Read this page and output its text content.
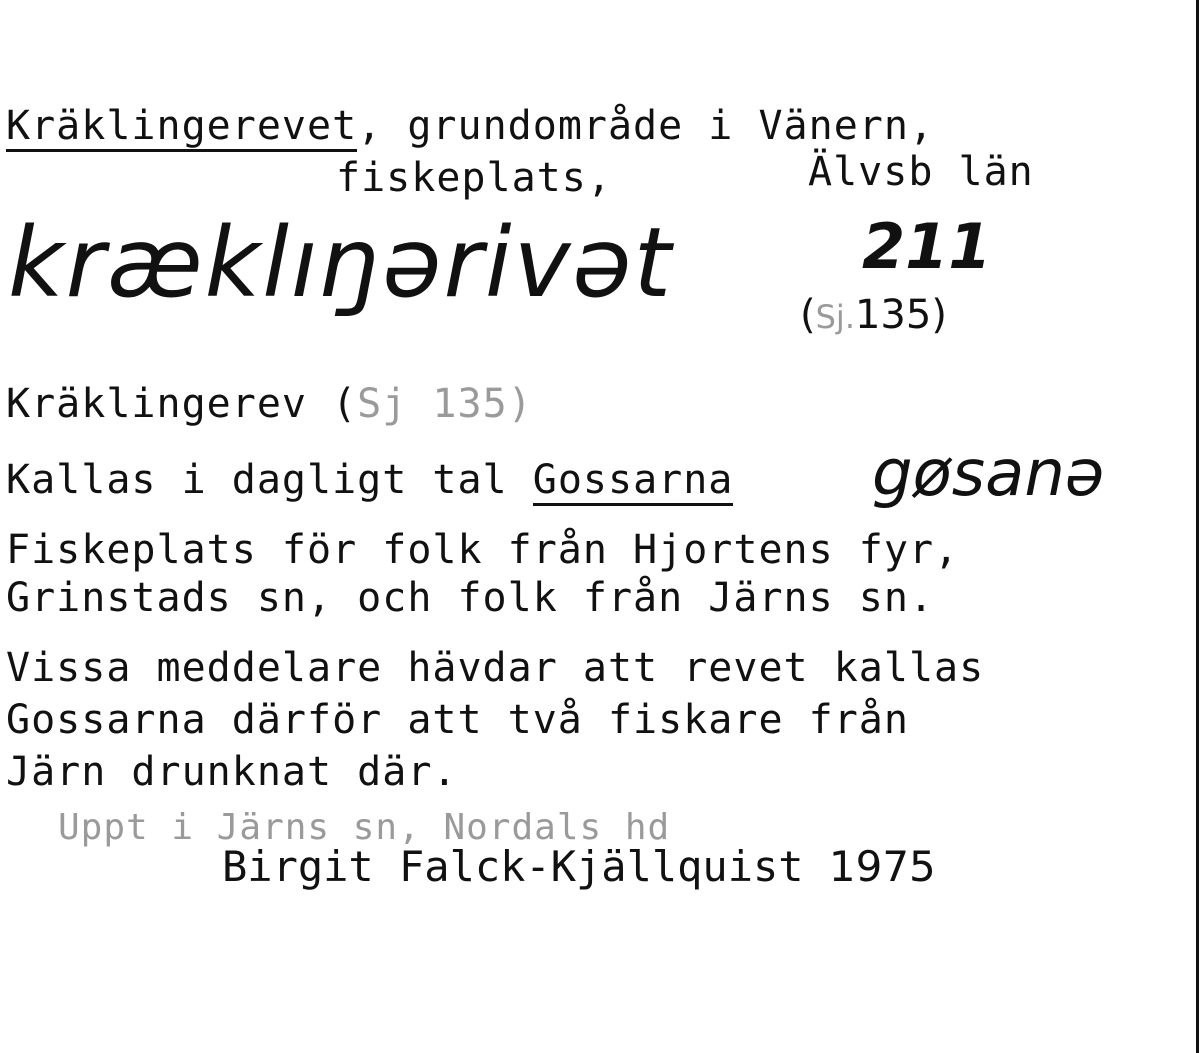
Kräklingerevet, grundområde i Vänern,
fiskeplats,	Älvsb län
kræklıŋərivət	211
(Sj.135)
Kräklingerev (Sj 135)
Kallas i dagligt tal Gossarna gøsanə
Fiskeplats för folk från Hjortens fyr,
Grinstads sn, och folk från Järns sn.
Vissa meddelare hävdar att revet kallas
Gossarna därför att två fiskare från
Järn drunknat där.
Uppt i Järns sn, Nordals hd
Birgit Falck-Kjällquist 1975
